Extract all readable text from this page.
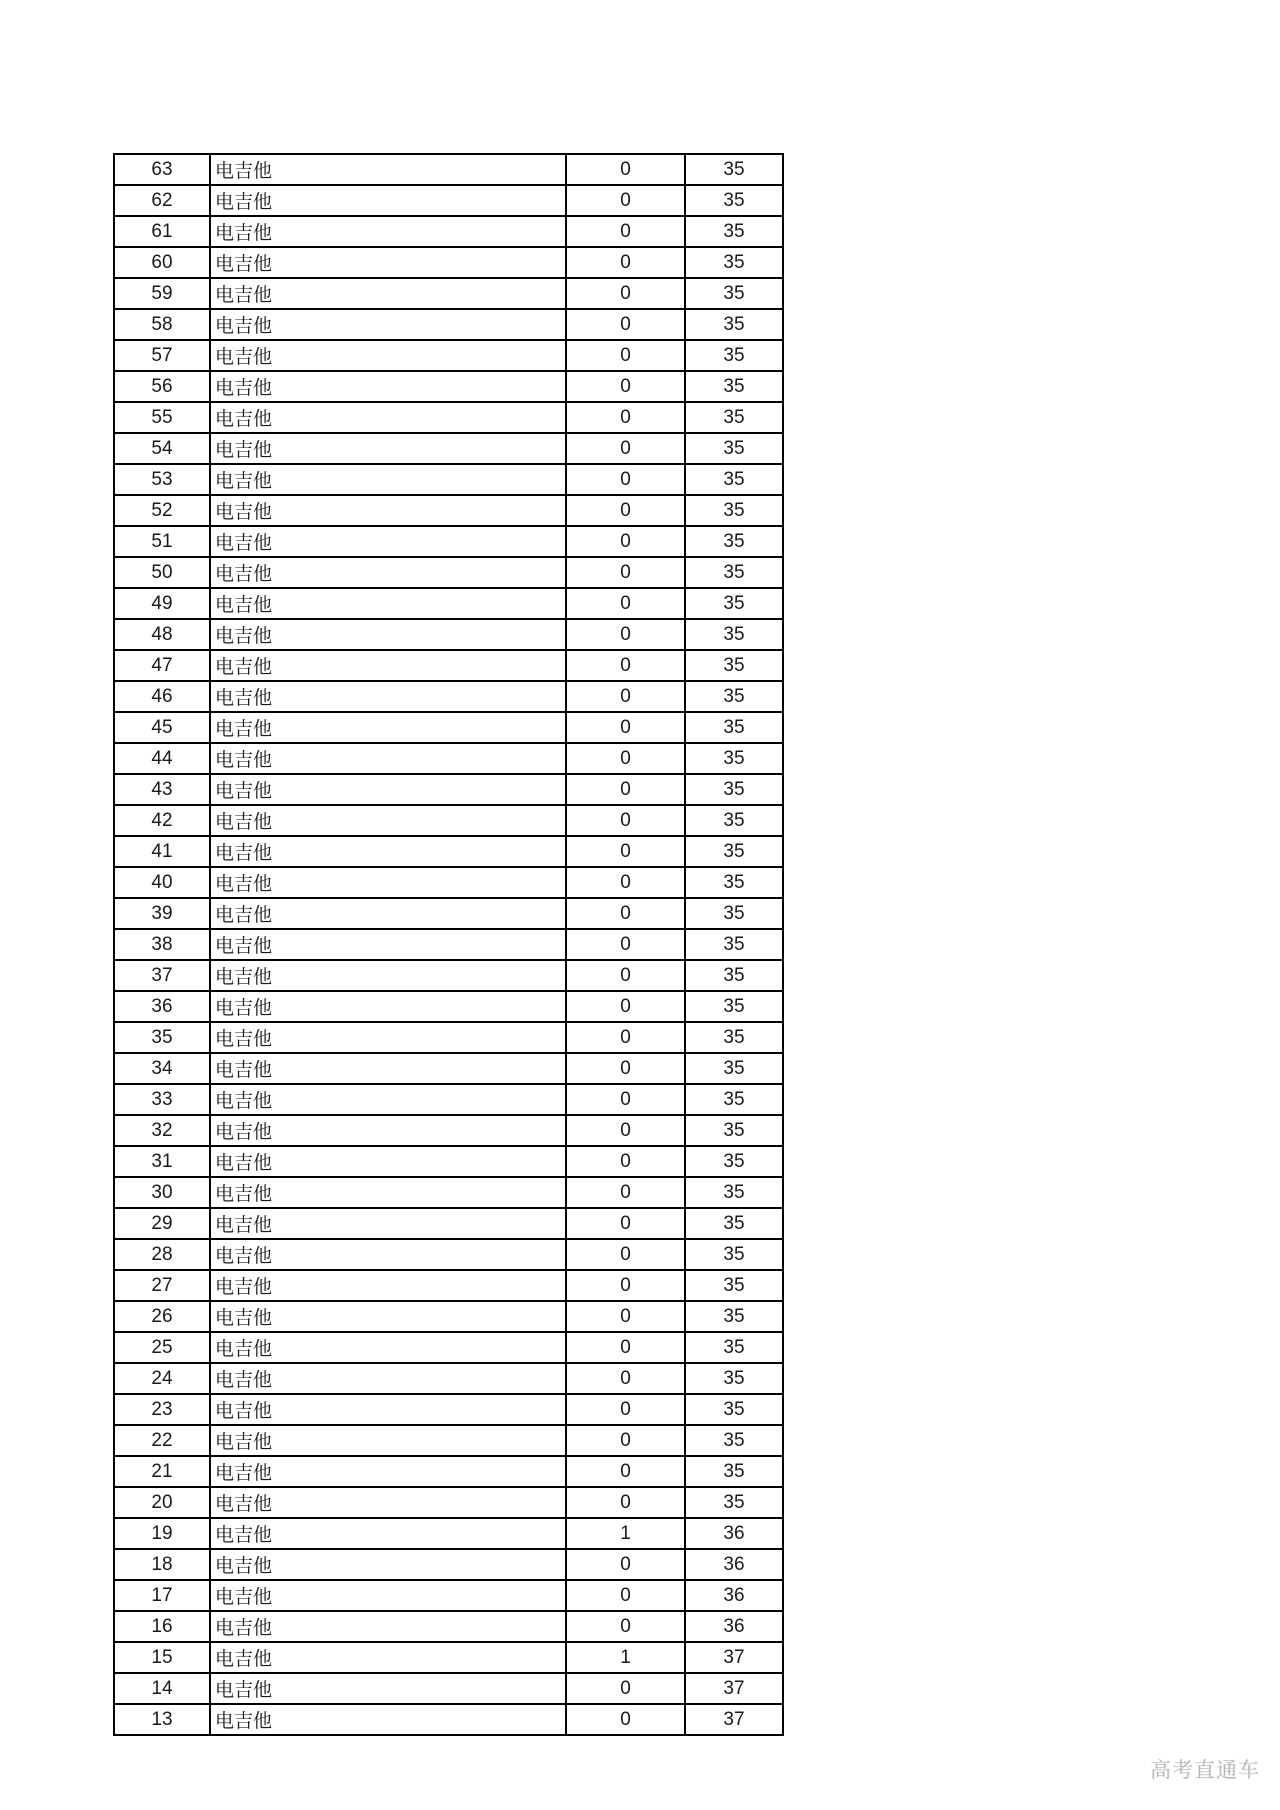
63	电吉他	0	35
62	电吉他	0	35
61	电吉他	0	35
60	电吉他	0	35
59	电吉他	0	35
58	电吉他	0	35
57	电吉他	0	35
56	电吉他	0	35
55	电吉他	0	35
54	电吉他	0	35
53	电吉他	0	35
52	电吉他	0	35
51	电吉他	0	35
50	电吉他	0	35
49	电吉他	0	35
48	电吉他	0	35
47	电吉他	0	35
46	电吉他	0	35
45	电吉他	0	35
44	电吉他	0	35
43	电吉他	0	35
42	电吉他	0	35
41	电吉他	0	35
40	电吉他	0	35
39	电吉他	0	35
38	电吉他	0	35
37	电吉他	0	35
36	电吉他	0	35
35	电吉他	0	35
34	电吉他	0	35
33	电吉他	0	35
32	电吉他	0	35
31	电吉他	0	35
30	电吉他	0	35
29	电吉他	0	35
28	电吉他	0	35
27	电吉他	0	35
26	电吉他	0	35
25	电吉他	0	35
24	电吉他	0	35
23	电吉他	0	35
22	电吉他	0	35
21	电吉他	0	35
20	电吉他	0	35
19	电吉他	1	36
18	电吉他	0	36
17	电吉他	0	36
16	电吉他	0	36
15	电吉他	1	37
14	电吉他	0	37
13	电吉他	0	37
高考直通车
